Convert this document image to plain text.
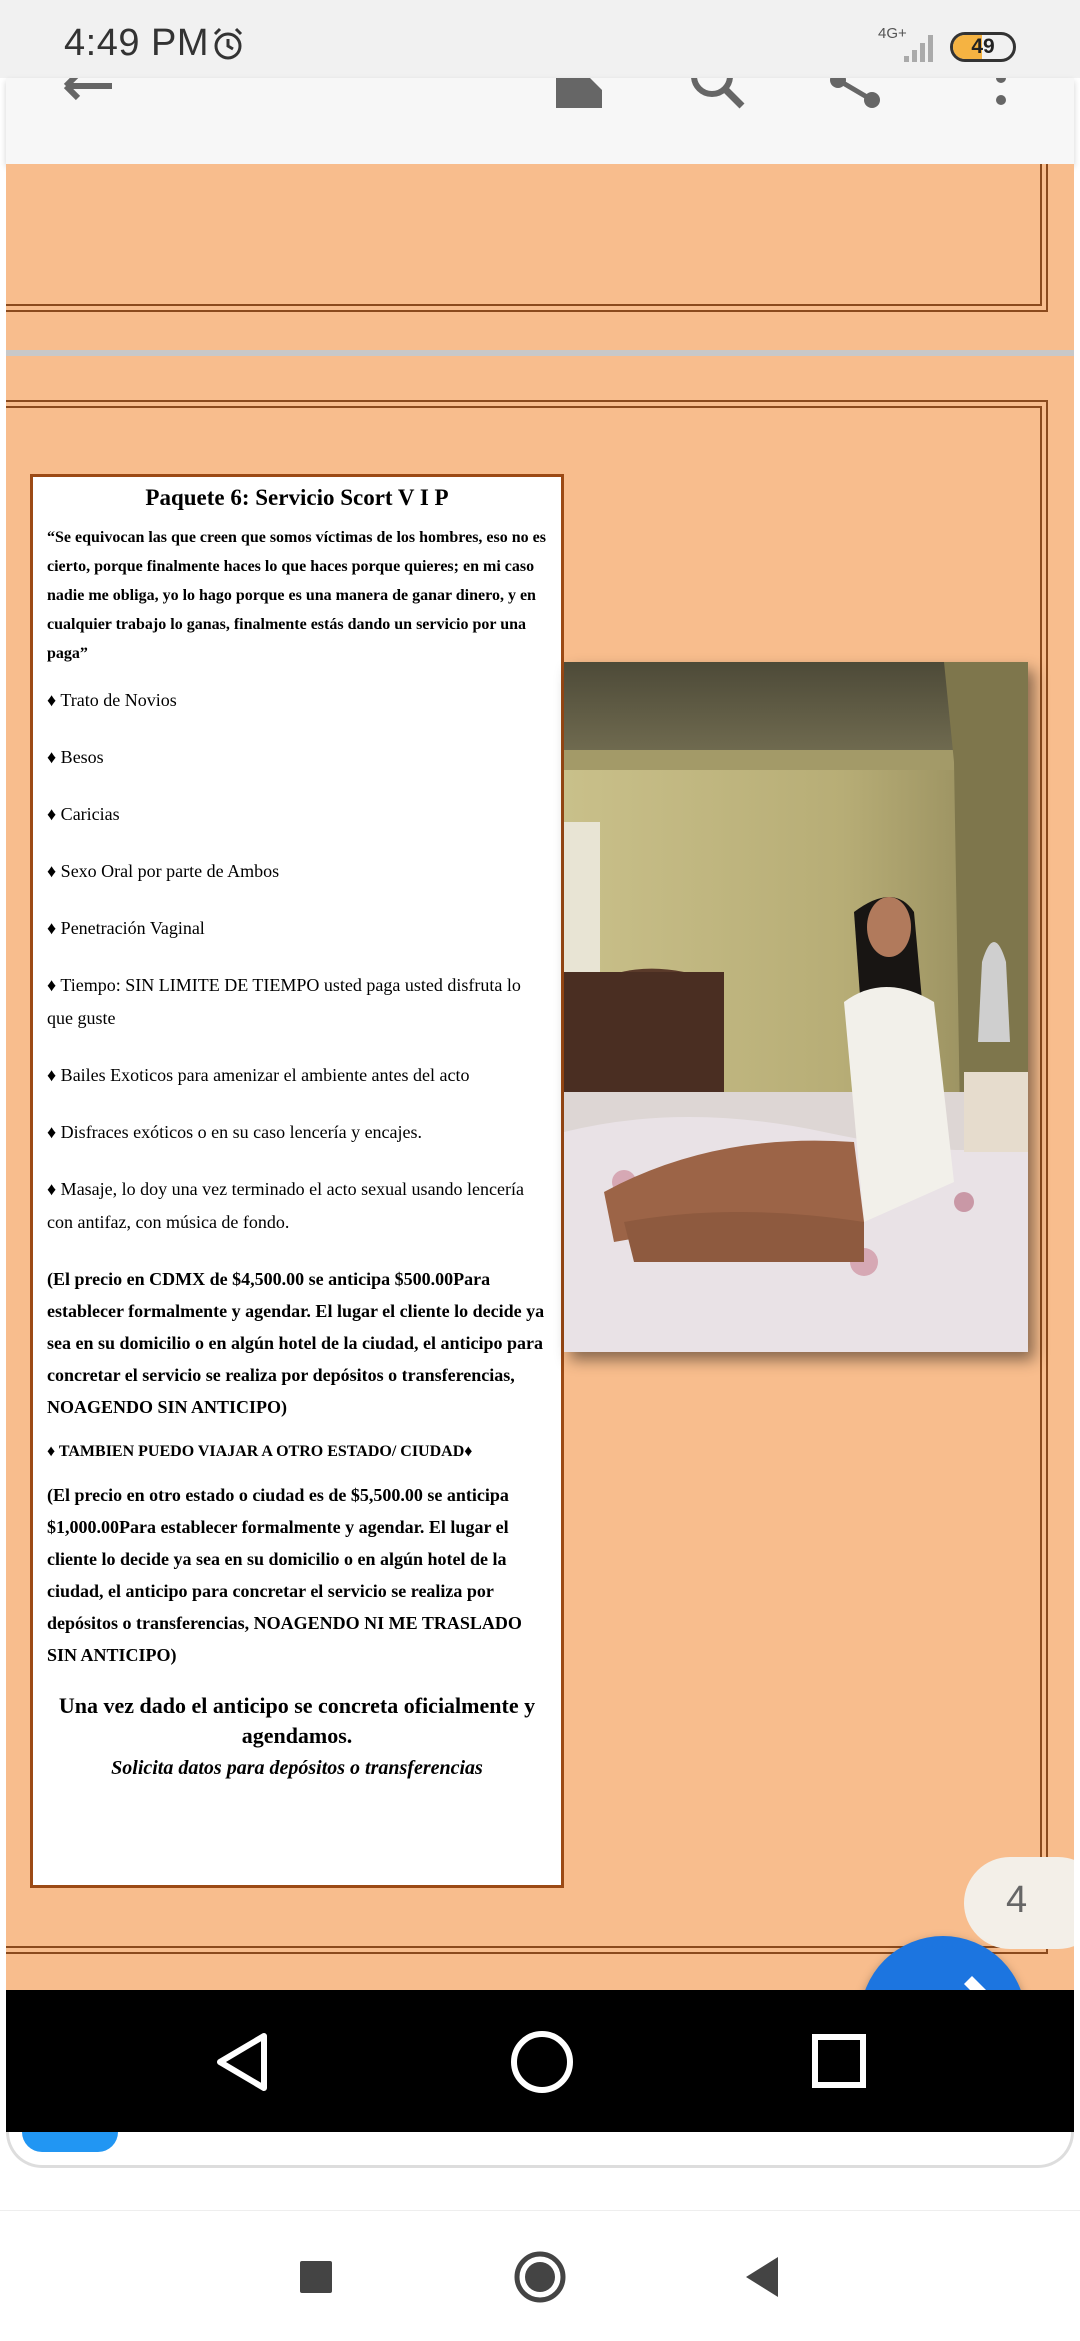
4:49 PM	4G+
49

Paquete 6: Servicio Scort V I P

“Se equivocan las que creen que somos víctimas de los hombres, eso no es cierto, porque finalmente haces lo que haces porque quieres; en mi caso nadie me obliga, yo lo hago porque es una manera de ganar dinero, y en cualquier trabajo lo ganas, finalmente estás dando un servicio por una paga”

♦ Trato de Novios

♦ Besos

♦ Caricias

♦ Sexo Oral por parte de Ambos

♦ Penetración Vaginal

♦ Tiempo: SIN LIMITE DE TIEMPO usted paga usted disfruta lo que guste

♦ Bailes Exoticos para amenizar el ambiente antes del acto

♦ Disfraces exóticos o en su caso lencería y encajes.

♦ Masaje, lo doy una vez terminado el acto sexual usando lencería con antifaz, con música de fondo.

(El precio en CDMX de $4,500.00 se anticipa $500.00Para establecer formalmente y agendar. El lugar el cliente lo decide ya sea en su domicilio o en algún hotel de la ciudad, el anticipo para concretar el servicio se realiza por depósitos o transferencias, NOAGENDO SIN ANTICIPO)

♦ TAMBIEN PUEDO VIAJAR A OTRO ESTADO/ CIUDAD♦

(El precio en otro estado o ciudad es de $5,500.00 se anticipa $1,000.00Para establecer formalmente y agendar. El lugar el cliente lo decide ya sea en su domicilio o en algún hotel de la ciudad, el anticipo para concretar el servicio se realiza por depósitos o transferencias, NOAGENDO NI ME TRASLADO SIN ANTICIPO)

Una vez dado el anticipo se concreta oficialmente y agendamos.

Solicita datos para depósitos o transferencias

4
